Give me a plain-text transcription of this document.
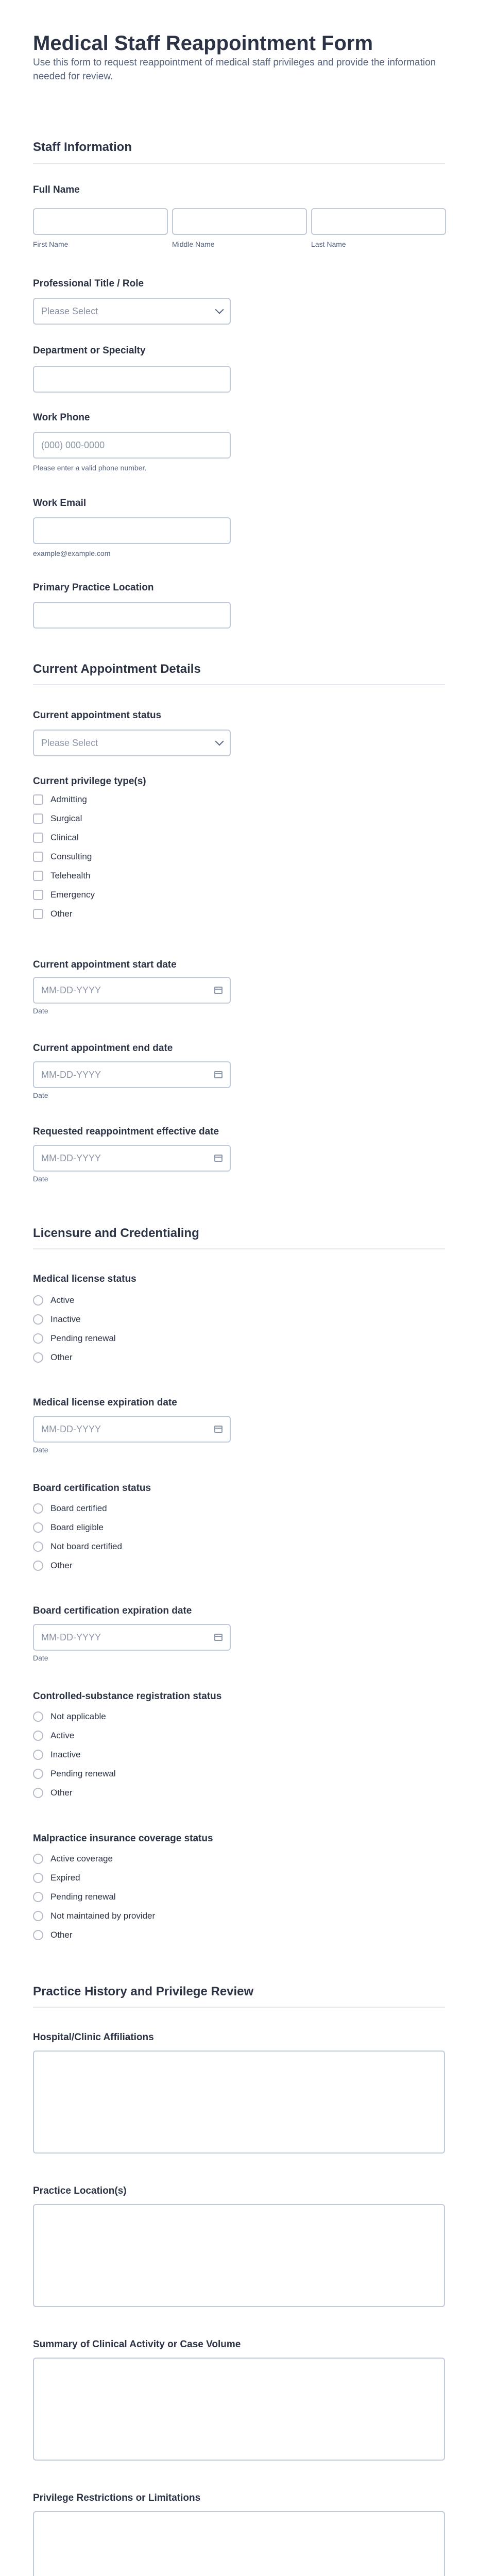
Medical Staff Reappointment Form

Use this form to request reappointment of medical staff privileges and provide the information needed for review.

Staff Information
Full Name
First Name	Middle Name	Last Name
Professional Title / Role
Please Select
Department or Specialty
Work Phone
(000) 000-0000
Please enter a valid phone number.
Work Email
example@example.com
Primary Practice Location
Current Appointment Details
Current appointment status
Please Select
Current privilege type(s)
Admitting
Surgical
Clinical
Consulting
Telehealth
Emergency
Other
Current appointment start date
MM-DD-YYYY
Date
Current appointment end date
MM-DD-YYYY
Date
Requested reappointment effective date
MM-DD-YYYY
Date
Licensure and Credentialing
Medical license status
Active
Inactive
Pending renewal
Other
Medical license expiration date
MM-DD-YYYY
Date
Board certification status
Board certified
Board eligible
Not board certified
Other
Board certification expiration date
MM-DD-YYYY
Date
Controlled-substance registration status
Not applicable
Active
Inactive
Pending renewal
Other
Malpractice insurance coverage status
Active coverage
Expired
Pending renewal
Not maintained by provider
Other
Practice History and Privilege Review
Hospital/Clinic Affiliations
Practice Location(s)
Summary of Clinical Activity or Case Volume
Privilege Restrictions or Limitations
